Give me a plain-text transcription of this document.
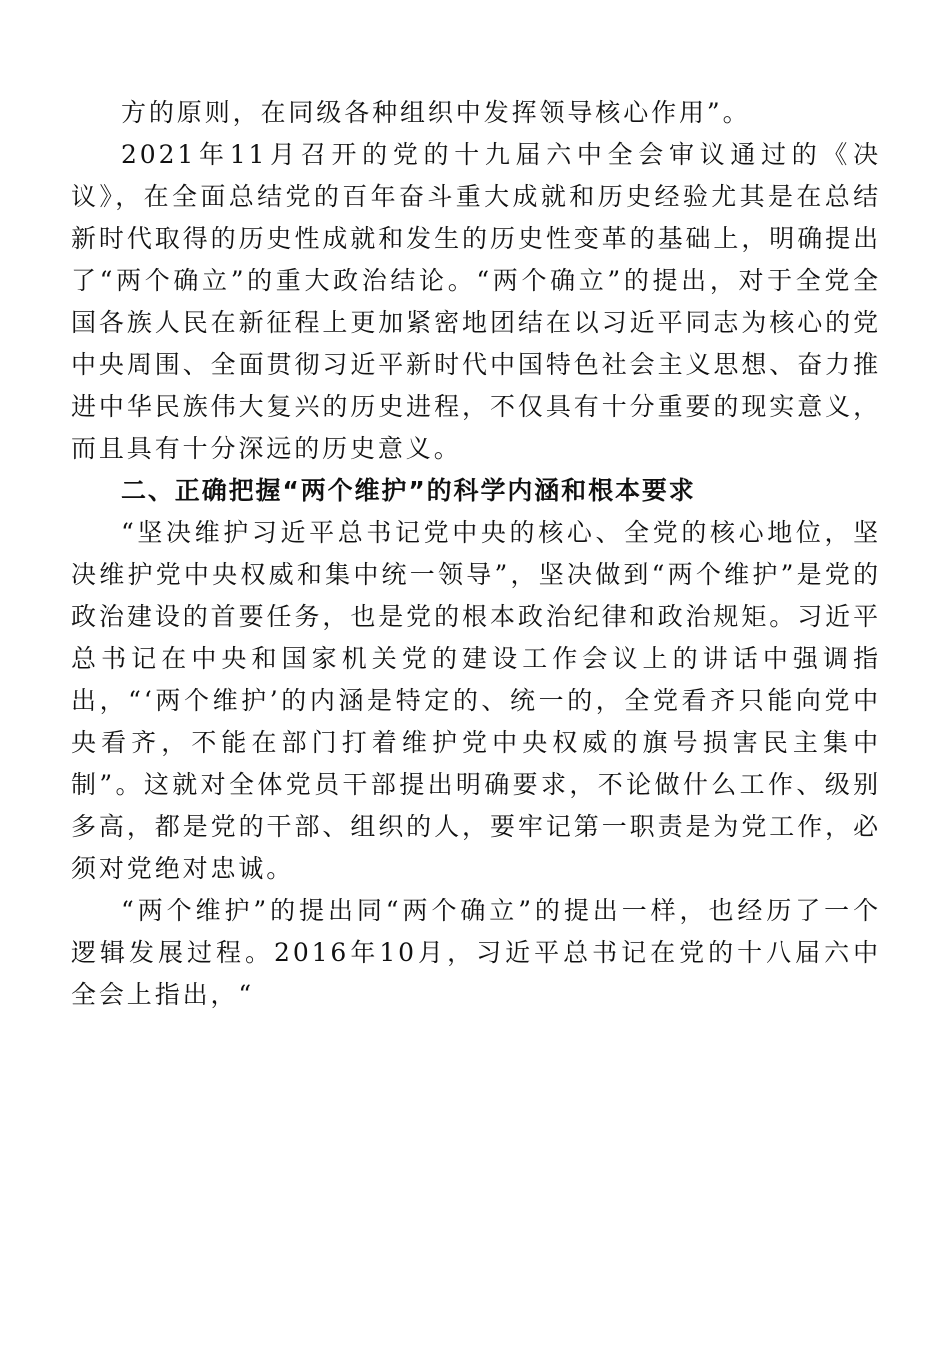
方的原则，在同级各种组织中发挥领导核心作用”。

2021年11月召开的党的十九届六中全会审议通过的《决议》，在全面总结党的百年奋斗重大成就和历史经验尤其是在总结新时代取得的历史性成就和发生的历史性变革的基础上，明确提出了“两个确立”的重大政治结论。“两个确立”的提出，对于全党全国各族人民在新征程上更加紧密地团结在以习近平同志为核心的党中央周围、全面贯彻习近平新时代中国特色社会主义思想、奋力推进中华民族伟大复兴的历史进程，不仅具有十分重要的现实意义，而且具有十分深远的历史意义。

二、正确把握“两个维护”的科学内涵和根本要求

“坚决维护习近平总书记党中央的核心、全党的核心地位，坚决维护党中央权威和集中统一领导”，坚决做到“两个维护”是党的政治建设的首要任务，也是党的根本政治纪律和政治规矩。习近平总书记在中央和国家机关党的建设工作会议上的讲话中强调指出，“‘两个维护’的内涵是特定的、统一的，全党看齐只能向党中央看齐，不能在部门打着维护党中央权威的旗号损害民主集中制”。这就对全体党员干部提出明确要求，不论做什么工作、级别多高，都是党的干部、组织的人，要牢记第一职责是为党工作，必须对党绝对忠诚。

“两个维护”的提出同“两个确立”的提出一样，也经历了一个逻辑发展过程。2016年10月，习近平总书记在党的十八届六中全会上指出，“
